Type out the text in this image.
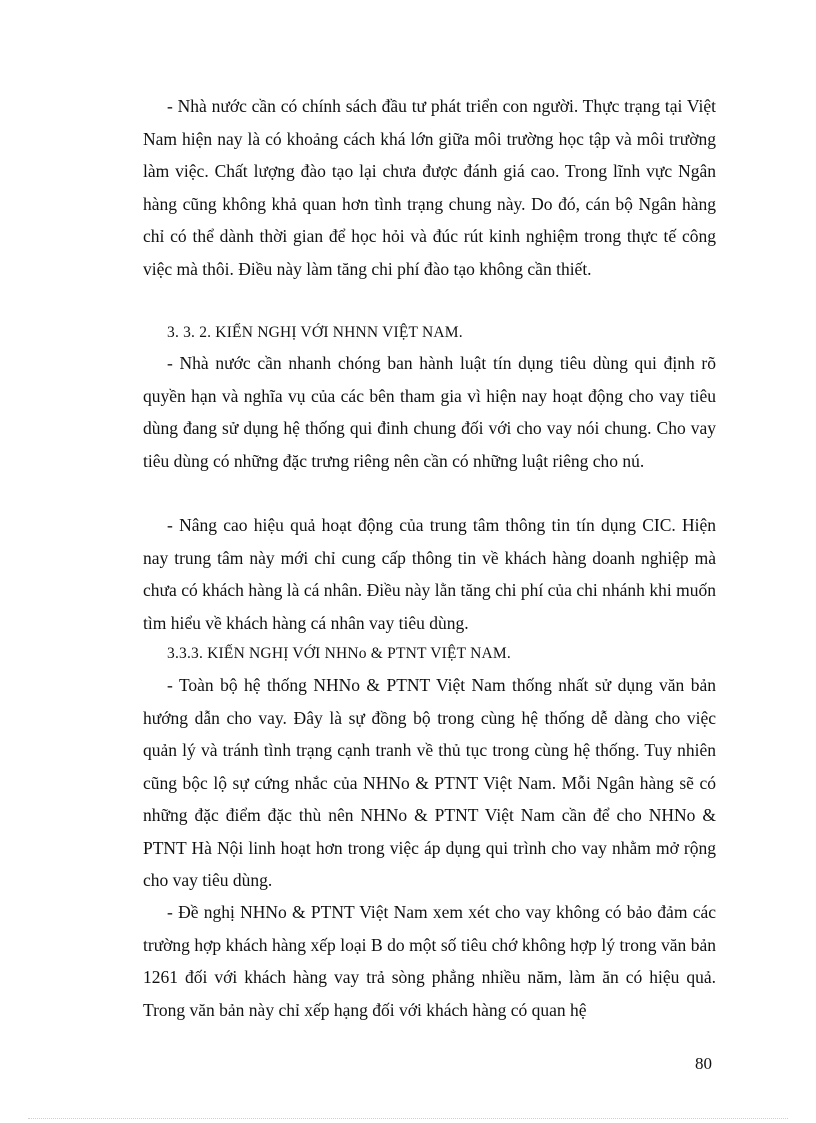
- Nhà nước cần có chính sách đầu tư phát triển con người. Thực trạng tại Việt Nam hiện nay là có khoảng cách khá lớn giữa môi trường học tập và môi trường làm việc. Chất lượng đào tạo lại chưa được đánh giá cao. Trong lĩnh vực Ngân hàng cũng không khả quan hơn tình trạng chung này. Do đó, cán bộ Ngân hàng chỉ có thể dành thời gian để học hỏi và đúc rút kinh nghiệm trong thực tế công việc mà thôi. Điều này làm tăng chi phí đào tạo không cần thiết.

3. 3. 2. KIẾN NGHỊ VỚI NHNN VIỆT NAM.

- Nhà nước cần nhanh chóng ban hành luật tín dụng tiêu dùng qui định rõ quyền hạn và nghĩa vụ của các bên tham gia vì hiện nay hoạt động cho vay tiêu dùng đang sử dụng hệ thống qui đinh chung đối với cho vay nói chung. Cho vay tiêu dùng có những đặc trưng riêng nên cần có những luật riêng cho nú.

- Nâng cao hiệu quả hoạt động của trung tâm thông tin tín dụng CIC. Hiện nay trung tâm này mới chỉ cung cấp thông tin về khách hàng doanh nghiệp mà chưa có khách hàng là cá nhân. Điều này lằn tăng chi phí của chi nhánh khi muốn tìm hiểu về khách hàng cá nhân vay tiêu dùng.

3.3.3. KIẾN NGHỊ VỚI NHNo & PTNT VIỆT NAM.

- Toàn bộ hệ thống NHNo & PTNT Việt Nam thống nhất sử dụng văn bản hướng dẫn cho vay. Đây là sự đồng bộ trong cùng hệ thống dễ dàng cho việc quản lý và tránh tình trạng cạnh tranh về thủ tục trong cùng hệ thống. Tuy nhiên cũng bộc lộ sự cứng nhắc của NHNo & PTNT Việt Nam. Mỗi Ngân hàng sẽ có những đặc điểm đặc thù nên NHNo & PTNT Việt Nam cần để cho NHNo & PTNT Hà Nội linh hoạt hơn trong việc áp dụng qui trình cho vay nhằm mở rộng cho vay tiêu dùng.

- Đề nghị NHNo & PTNT Việt Nam xem xét cho vay không có bảo đảm các trường hợp khách hàng xếp loại B do một số tiêu chớ không hợp lý trong văn bản 1261 đối với khách hàng vay trả sòng phẳng nhiều năm, làm ăn có hiệu quả. Trong văn bản này chỉ xếp hạng đối với khách hàng có quan hệ

80
